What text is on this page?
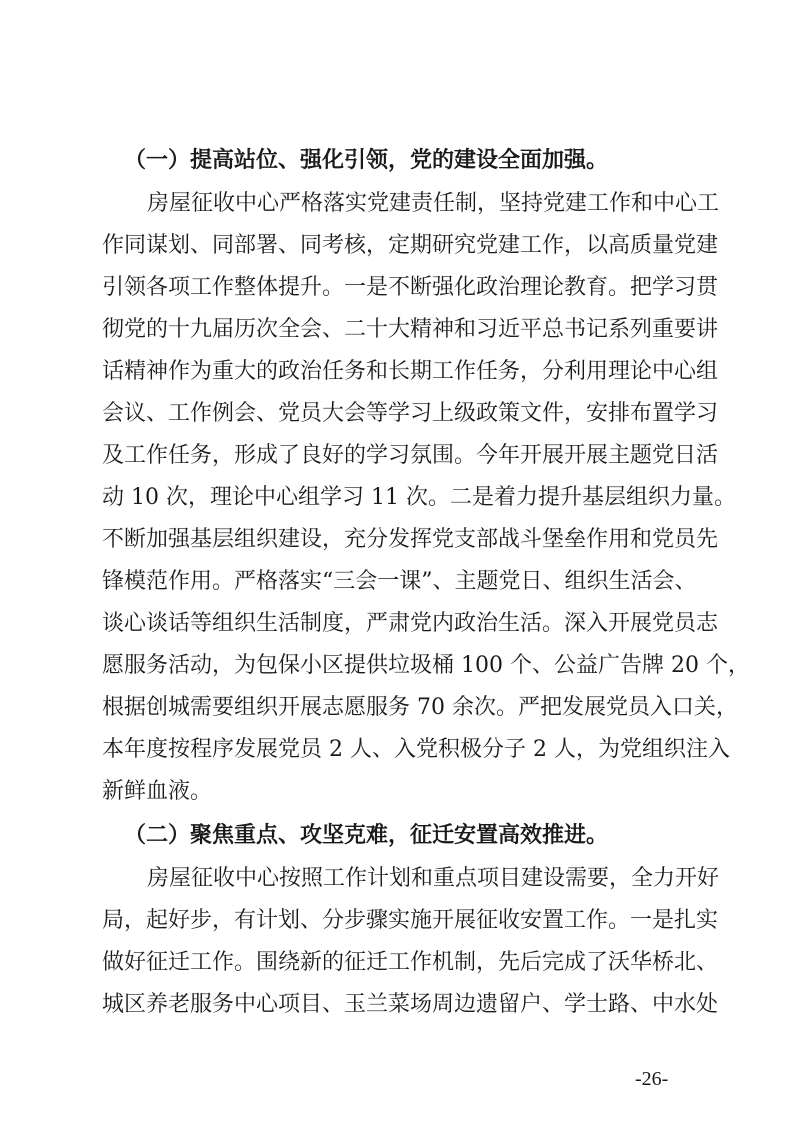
（一）提高站位、强化引领，党的建设全面加强。
房屋征收中心严格落实党建责任制，坚持党建工作和中心工
作同谋划、同部署、同考核，定期研究党建工作，以高质量党建
引领各项工作整体提升。一是不断强化政治理论教育。把学习贯
彻党的十九届历次全会、二十大精神和习近平总书记系列重要讲
话精神作为重大的政治任务和长期工作任务，分利用理论中心组
会议、工作例会、党员大会等学习上级政策文件，安排布置学习
及工作任务，形成了良好的学习氛围。今年开展开展主题党日活
动 10 次，理论中心组学习 11 次。二是着力提升基层组织力量。
不断加强基层组织建设，充分发挥党支部战斗堡垒作用和党员先
锋模范作用。严格落实“三会一课”、主题党日、组织生活会、
谈心谈话等组织生活制度，严肃党内政治生活。深入开展党员志
愿服务活动，为包保小区提供垃圾桶 100 个、公益广告牌 20 个，
根据创城需要组织开展志愿服务 70 余次。严把发展党员入口关，
本年度按程序发展党员 2 人、入党积极分子 2 人，为党组织注入
新鲜血液。
（二）聚焦重点、攻坚克难，征迁安置高效推进。
房屋征收中心按照工作计划和重点项目建设需要，全力开好
局，起好步，有计划、分步骤实施开展征收安置工作。一是扎实
做好征迁工作。围绕新的征迁工作机制，先后完成了沃华桥北、
城区养老服务中心项目、玉兰菜场周边遗留户、学士路、中水处
-26-
